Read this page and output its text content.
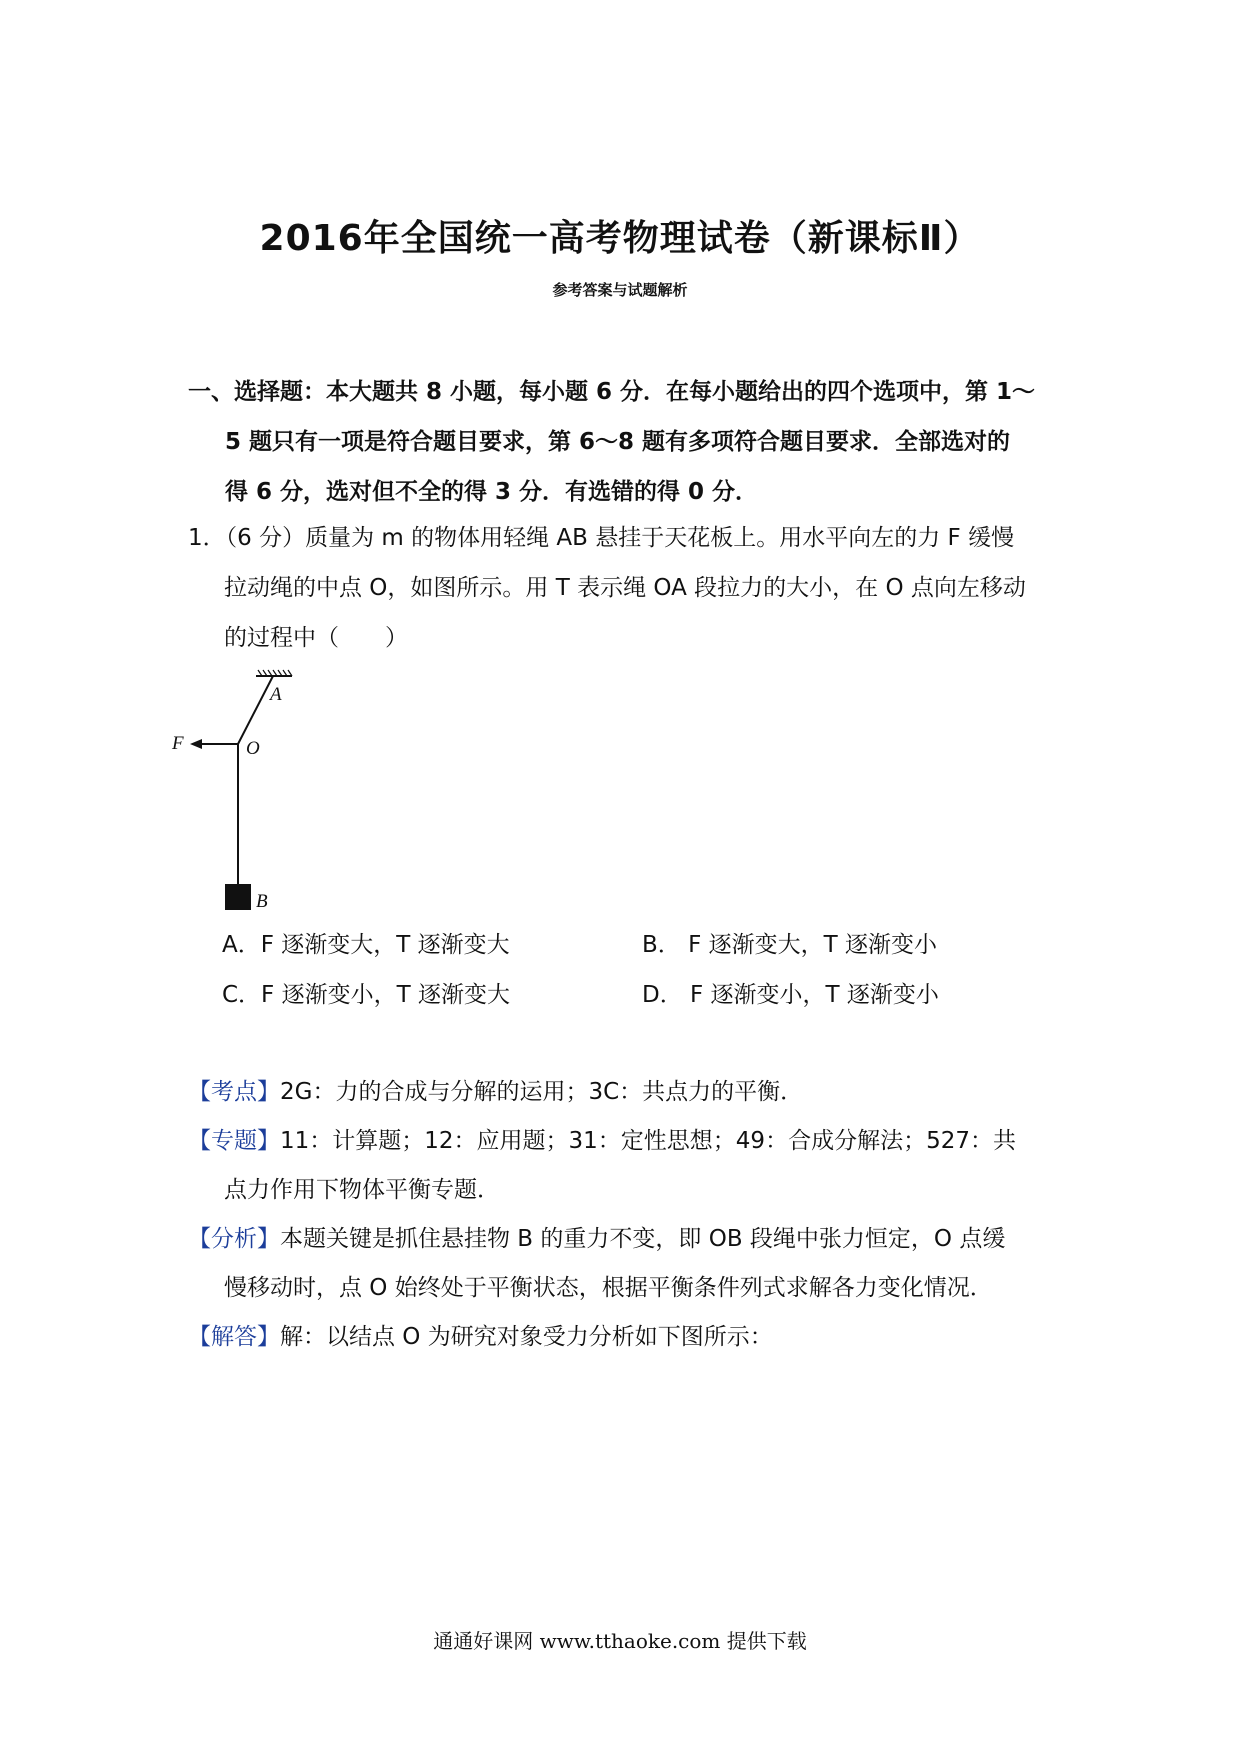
2016年全国统一高考物理试卷（新课标Ⅱ）
参考答案与试题解析
一、选择题：本大题共 8 小题，每小题 6 分．在每小题给出的四个选项中，第 1～
5 题只有一项是符合题目要求，第 6～8 题有多项符合题目要求．全部选对的
得 6 分，选对但不全的得 3 分．有选错的得 0 分．
1．（6 分）质量为 m 的物体用轻绳 AB 悬挂于天花板上。用水平向左的力 F 缓慢
拉动绳的中点 O，如图所示。用 T 表示绳 OA 段拉力的大小，在 O 点向左移动
的过程中（　　）
A
O
F
B
A．F 逐渐变大，T 逐渐变大	B． F 逐渐变大，T 逐渐变小
C．F 逐渐变小，T 逐渐变大	D． F 逐渐变小，T 逐渐变小
【考点】2G：力的合成与分解的运用；3C：共点力的平衡．
【专题】11：计算题；12：应用题；31：定性思想；49：合成分解法；527：共
点力作用下物体平衡专题．
【分析】本题关键是抓住悬挂物 B 的重力不变，即 OB 段绳中张力恒定，O 点缓
慢移动时，点 O 始终处于平衡状态，根据平衡条件列式求解各力变化情况．
【解答】解：以结点 O 为研究对象受力分析如下图所示：
通通好课网 www.tthaoke.com 提供下载
